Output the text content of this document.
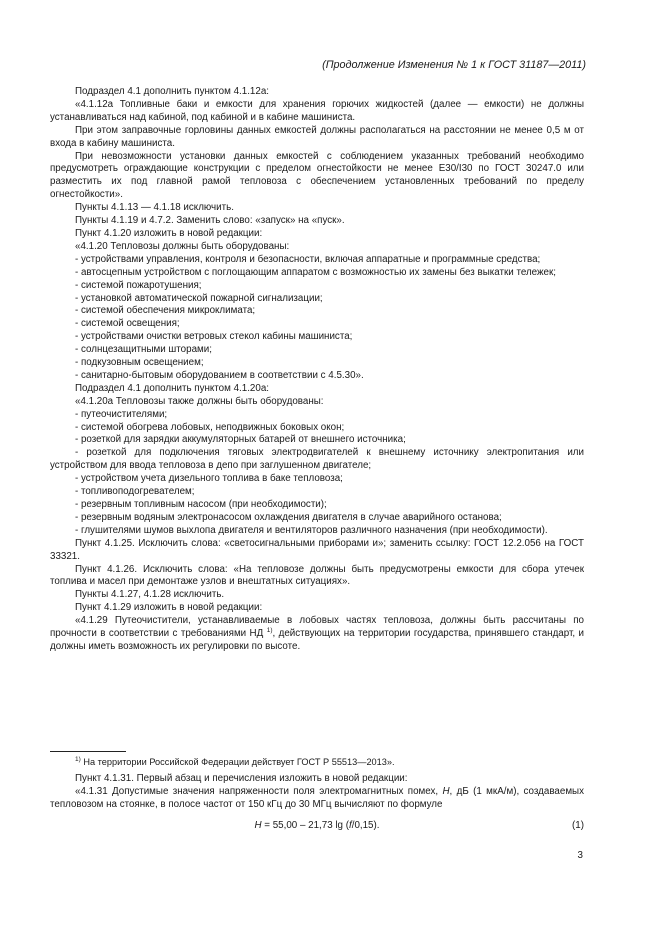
(Продолжение Изменения № 1 к ГОСТ 31187—2011)

Подраздел 4.1 дополнить пунктом 4.1.12а:

«4.1.12а Топливные баки и емкости для хранения горючих жидкостей (далее — емкости) не должны устанавливаться над кабиной, под кабиной и в кабине машиниста.

При этом заправочные горловины данных емкостей должны располагаться на расстоянии не менее 0,5 м от входа в кабину машиниста.

При невозможности установки данных емкостей с соблюдением указанных требований необходимо предусмотреть ограждающие конструкции с пределом огнестойкости не менее Е30/I30 по ГОСТ 30247.0 или разместить их под главной рамой тепловоза с обеспечением установленных требований по пределу огнестойкости».

Пункты 4.1.13 — 4.1.18 исключить.

Пункты 4.1.19 и 4.7.2. Заменить слово: «запуск» на «пуск».

Пункт 4.1.20 изложить в новой редакции:

«4.1.20 Тепловозы должны быть оборудованы:

- устройствами управления, контроля и безопасности, включая аппаратные и программные средства;

- автосцепным устройством с поглощающим аппаратом с возможностью их замены без выкатки тележек;

- системой пожаротушения;

- установкой автоматической пожарной сигнализации;

- системой обеспечения микроклимата;

- системой освещения;

- устройствами очистки ветровых стекол кабины машиниста;

- солнцезащитными шторами;

- подкузовным освещением;

- санитарно-бытовым оборудованием в соответствии с 4.5.30».

Подраздел 4.1 дополнить пунктом 4.1.20а:

«4.1.20а Тепловозы также должны быть оборудованы:

- путеочистителями;

- системой обогрева лобовых, неподвижных боковых окон;

- розеткой для зарядки аккумуляторных батарей от внешнего источника;

- розеткой для подключения тяговых электродвигателей к внешнему источнику электропитания или устройством для ввода тепловоза в депо при заглушенном двигателе;

- устройством учета дизельного топлива в баке тепловоза;

- топливоподогревателем;

- резервным топливным насосом (при необходимости);

- резервным водяным электронасосом охлаждения двигателя в случае аварийного останова;

- глушителями шумов выхлопа двигателя и вентиляторов различного назначения (при необходимости).

Пункт 4.1.25. Исключить слова: «светосигнальными приборами и»; заменить ссылку: ГОСТ 12.2.056 на ГОСТ 33321.

Пункт 4.1.26. Исключить слова: «На тепловозе должны быть предусмотрены емкости для сбора утечек топлива и масел при демонтаже узлов и внештатных ситуациях».

Пункты 4.1.27, 4.1.28 исключить.

Пункт 4.1.29 изложить в новой редакции:

«4.1.29 Путеочистители, устанавливаемые в лобовых частях тепловоза, должны быть рассчитаны по прочности в соответствии с требованиями НД $^{1)}$, действующих на территории государства, принявшего стандарт, и должны иметь возможность их регулировки по высоте.

$^{1)}$ На территории Российской Федерации действует ГОСТ Р 55513—2013».

Пункт 4.1.31. Первый абзац и перечисления изложить в новой редакции:

«4.1.31 Допустимые значения напряженности поля электромагнитных помех, Н, дБ (1 мкА/м), создаваемых тепловозом на стоянке, в полосе частот от 150 кГц до 30 МГц вычисляют по формуле

H = 55,00 – 21,73 lg (f/0,15).	(1)
3
